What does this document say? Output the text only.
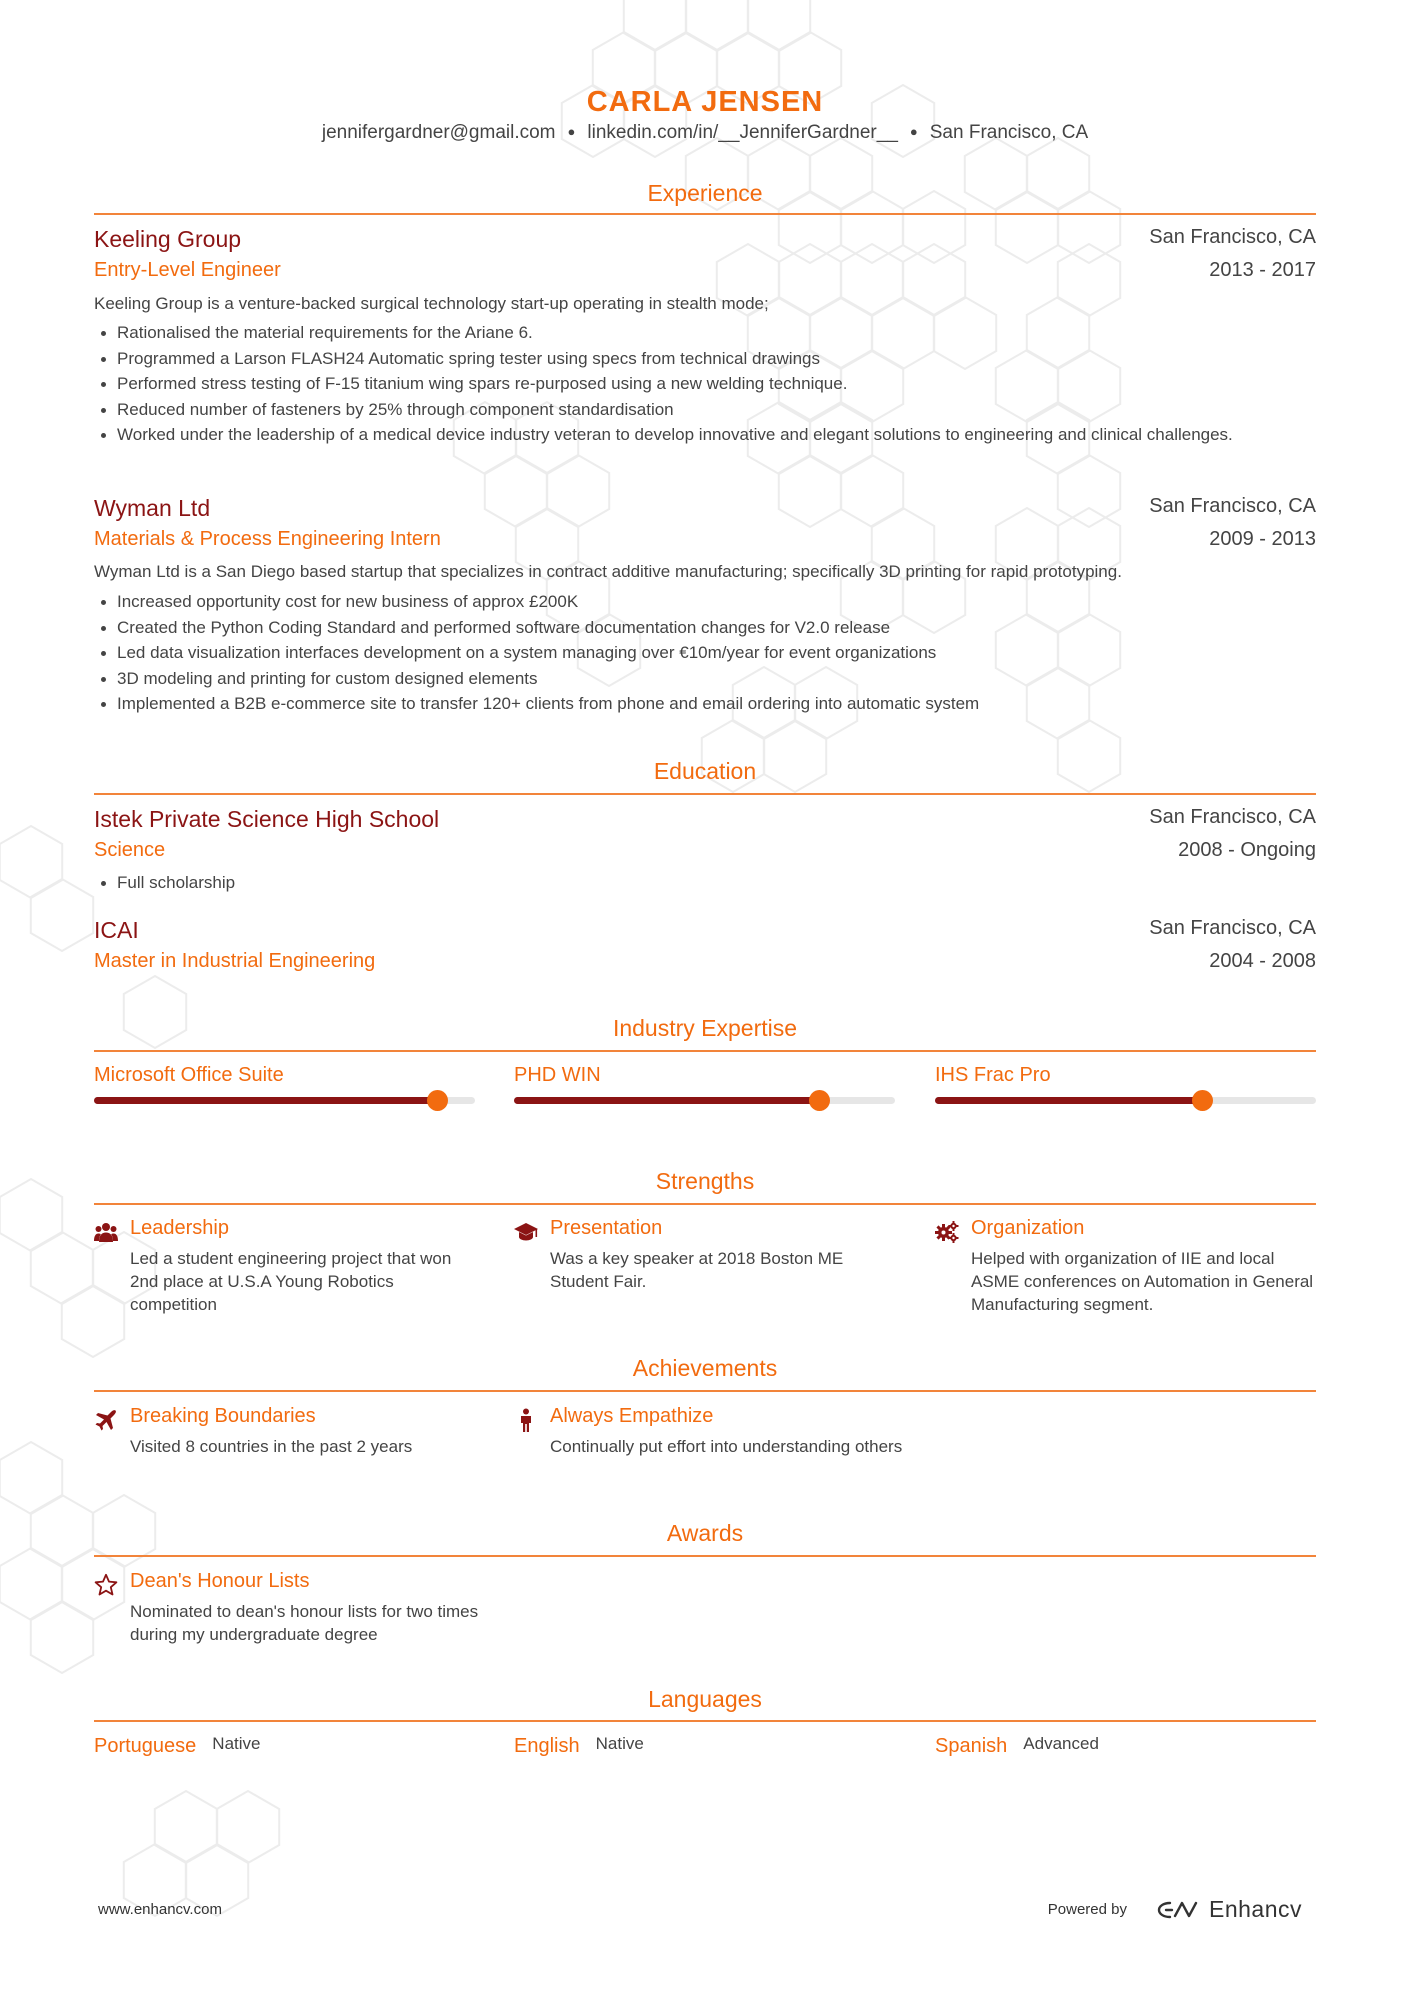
CARLA JENSEN
jennifergardner@gmail.com ● linkedin.com/in/__JenniferGardner__ ● San Francisco, CA
Experience
Keeling Group	San Francisco, CA
Entry-Level Engineer	2013 - 2017
Keeling Group is a venture-backed surgical technology start-up operating in stealth mode;
Rationalised the material requirements for the Ariane 6.
Programmed a Larson FLASH24 Automatic spring tester using specs from technical drawings
Performed stress testing of F-15 titanium wing spars re-purposed using a new welding technique.
Reduced number of fasteners by 25% through component standardisation
Worked under the leadership of a medical device industry veteran to develop innovative and elegant solutions to engineering and clinical challenges.
Wyman Ltd	San Francisco, CA
Materials & Process Engineering Intern	2009 - 2013
Wyman Ltd is a San Diego based startup that specializes in contract additive manufacturing; specifically 3D printing for rapid prototyping.
Increased opportunity cost for new business of approx £200K
Created the Python Coding Standard and performed software documentation changes for V2.0 release
Led data visualization interfaces development on a system managing over €10m/year for event organizations
3D modeling and printing for custom designed elements
Implemented a B2B e-commerce site to transfer 120+ clients from phone and email ordering into automatic system
Education
Istek Private Science High School	San Francisco, CA
Science	2008 - Ongoing
Full scholarship
ICAI	San Francisco, CA
Master in Industrial Engineering	2004 - 2008
Industry Expertise
Microsoft Office Suite	PHD WIN	IHS Frac Pro
Strengths
Leadership
Led a student engineering project that won 2nd place at U.S.A Young Robotics competition
Presentation
Was a key speaker at 2018 Boston ME Student Fair.
Organization
Helped with organization of IIE and local ASME conferences on Automation in General Manufacturing segment.
Achievements
Breaking Boundaries
Visited 8 countries in the past 2 years
Always Empathize
Continually put effort into understanding others
Awards
Dean's Honour Lists
Nominated to dean's honour lists for two times during my undergraduate degree
Languages
Portuguese Native	English Native	Spanish Advanced
www.enhancv.com	Powered by	Enhancv
